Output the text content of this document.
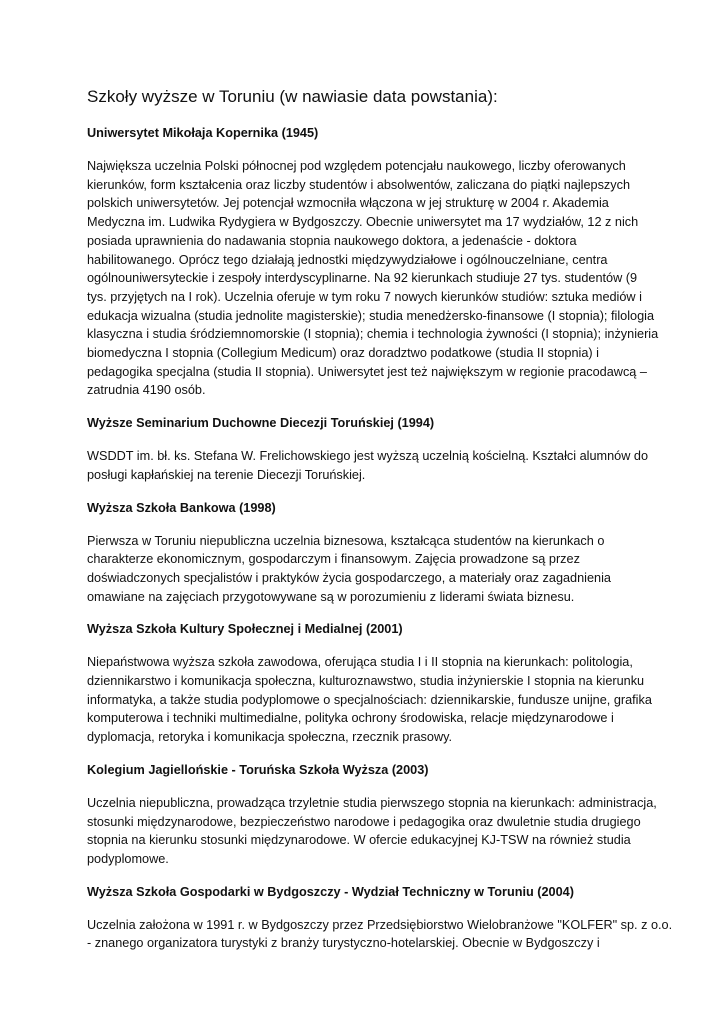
Szkoły wyższe w Toruniu (w nawiasie data powstania):
Uniwersytet Mikołaja Kopernika (1945)

Największa uczelnia Polski północnej pod względem potencjału naukowego, liczby oferowanych
kierunków, form kształcenia oraz liczby studentów i absolwentów, zaliczana do piątki najlepszych
polskich uniwersytetów. Jej potencjał wzmocniła włączona w jej strukturę w 2004 r. Akademia
Medyczna im. Ludwika Rydygiera w Bydgoszczy. Obecnie uniwersytet ma 17 wydziałów, 12 z nich
posiada uprawnienia do nadawania stopnia naukowego doktora, a jedenaście - doktora
habilitowanego. Oprócz tego działają jednostki międzywydziałowe i ogólnouczelniane, centra
ogólnouniwersyteckie i zespoły interdyscyplinarne. Na 92 kierunkach studiuje 27 tys. studentów (9
tys. przyjętych na I rok). Uczelnia oferuje w tym roku 7 nowych kierunków studiów: sztuka mediów i
edukacja wizualna (studia jednolite magisterskie); studia menedżersko-finansowe (I stopnia); filologia
klasyczna i studia śródziemnomorskie (I stopnia); chemia i technologia żywności (I stopnia); inżynieria
biomedyczna I stopnia (Collegium Medicum) oraz doradztwo podatkowe (studia II stopnia) i
pedagogika specjalna (studia II stopnia). Uniwersytet jest też największym w regionie pracodawcą –
zatrudnia 4190 osób.

Wyższe Seminarium Duchowne Diecezji Toruńskiej (1994)

WSDDT im. bł. ks. Stefana W. Frelichowskiego jest wyższą uczelnią kościelną. Kształci alumnów do
posługi kapłańskiej na terenie Diecezji Toruńskiej.

Wyższa Szkoła Bankowa (1998)

Pierwsza w Toruniu niepubliczna uczelnia biznesowa, kształcąca studentów na kierunkach o
charakterze ekonomicznym, gospodarczym i finansowym. Zajęcia prowadzone są przez
doświadczonych specjalistów i praktyków życia gospodarczego, a materiały oraz zagadnienia
omawiane na zajęciach przygotowywane są w porozumieniu z liderami świata biznesu.

Wyższa Szkoła Kultury Społecznej i Medialnej (2001)

Niepaństwowa wyższa szkoła zawodowa, oferująca studia I i II stopnia na kierunkach: politologia,
dziennikarstwo i komunikacja społeczna, kulturoznawstwo, studia inżynierskie I stopnia na kierunku
informatyka, a także studia podyplomowe o specjalnościach: dziennikarskie, fundusze unijne, grafika
komputerowa i techniki multimedialne, polityka ochrony środowiska, relacje międzynarodowe i
dyplomacja, retoryka i komunikacja społeczna, rzecznik prasowy.

Kolegium Jagiellońskie - Toruńska Szkoła Wyższa (2003)

Uczelnia niepubliczna, prowadząca trzyletnie studia pierwszego stopnia na kierunkach: administracja,
stosunki międzynarodowe, bezpieczeństwo narodowe i pedagogika oraz dwuletnie studia drugiego
stopnia na kierunku stosunki międzynarodowe. W ofercie edukacyjnej KJ-TSW na również studia
podyplomowe.

Wyższa Szkoła Gospodarki w Bydgoszczy - Wydział Techniczny w Toruniu (2004)

Uczelnia założona w 1991 r. w Bydgoszczy przez Przedsiębiorstwo Wielobranżowe "KOLFER" sp. z o.o.
- znanego organizatora turystyki z branży turystyczno-hotelarskiej. Obecnie w Bydgoszczy i
